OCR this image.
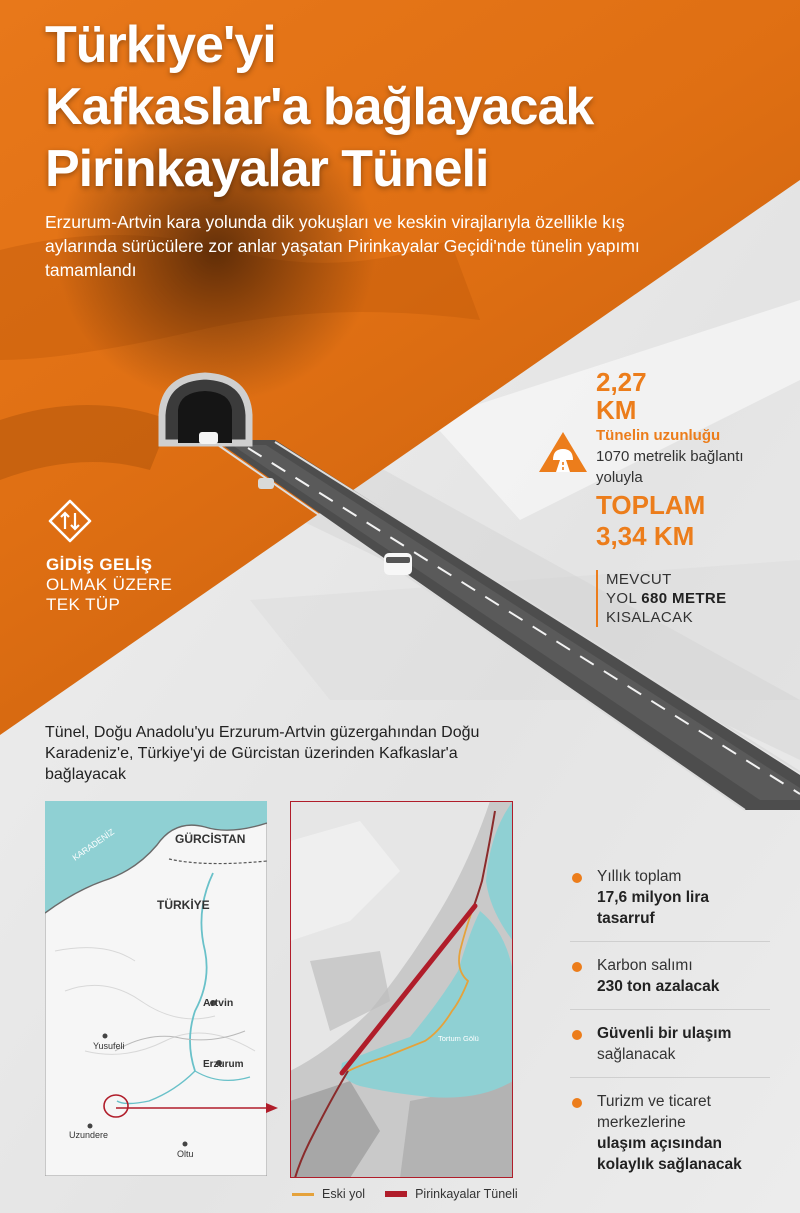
Türkiye'yi
Kafkaslar'a bağlayacak
Pirinkayalar Tüneli
Erzurum-Artvin kara yolunda dik yokuşları ve keskin virajlarıyla özellikle kış aylarında sürücülere zor anlar yaşatan Pirinkayalar Geçidi'nde tünelin yapımı tamamlandı
GİDİŞ GELİŞ
OLMAK ÜZERE
TEK TÜP
2,27
KM
Tünelin uzunluğu
1070 metrelik bağlantı yoluyla
TOPLAM
3,34 KM
MEVCUT
YOL 680 METRE
KISALACAK
Tünel, Doğu Anadolu'yu Erzurum-Artvin güzergahından Doğu Karadeniz'e, Türkiye'yi de Gürcistan üzerinden Kafkaslar'a bağlayacak
KARADENİZ	GÜRCİSTAN
TÜRKİYE
Artvin
Yusufeli
Erzurum
Uzundere
Oltu
Tortum Gölü
Eski yol	Pirinkayalar Tüneli
Yıllık toplam
17,6 milyon lira tasarruf
Karbon salımı
230 ton azalacak
Güvenli bir ulaşım
sağlanacak
Turizm ve ticaret merkezlerine
ulaşım açısından kolaylık sağlanacak
